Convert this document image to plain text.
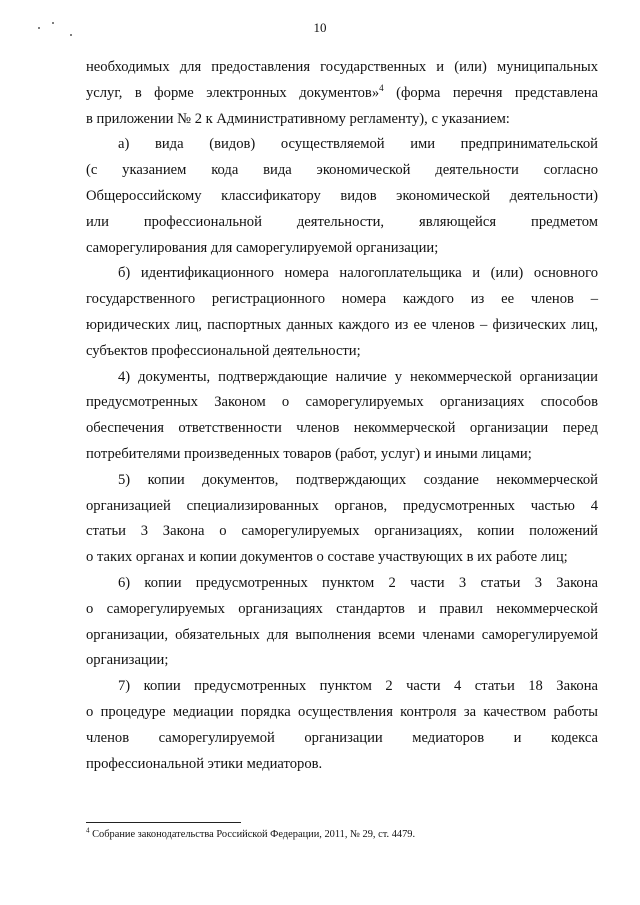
10
необходимых для предоставления государственных и (или) муниципальных
услуг, в форме электронных документов»$^4$ (форма перечня представлена
в приложении № 2 к Административному регламенту), с указанием:
а) вида (видов) осуществляемой ими предпринимательской
(с указанием кода вида экономической деятельности согласно
Общероссийскому классификатору видов экономической деятельности)
или профессиональной деятельности, являющейся предметом
саморегулирования для саморегулируемой организации;
б) идентификационного номера налогоплательщика и (или) основного
государственного регистрационного номера каждого из ее членов –
юридических лиц, паспортных данных каждого из ее членов – физических лиц,
субъектов профессиональной деятельности;
4) документы, подтверждающие наличие у некоммерческой организации
предусмотренных Законом о саморегулируемых организациях способов
обеспечения ответственности членов некоммерческой организации перед
потребителями произведенных товаров (работ, услуг) и иными лицами;
5) копии документов, подтверждающих создание некоммерческой
организацией специализированных органов, предусмотренных частью 4
статьи 3 Закона о саморегулируемых организациях, копии положений
о таких органах и копии документов о составе участвующих в их работе лиц;
6) копии предусмотренных пунктом 2 части 3 статьи 3 Закона
о саморегулируемых организациях стандартов и правил некоммерческой
организации, обязательных для выполнения всеми членами саморегулируемой
организации;
7) копии предусмотренных пунктом 2 части 4 статьи 18 Закона
о процедуре медиации порядка осуществления контроля за качеством работы
членов саморегулируемой организации медиаторов и кодекса
профессиональной этики медиаторов.
$^4$ Собрание законодательства Российской Федерации, 2011, № 29, ст. 4479.
